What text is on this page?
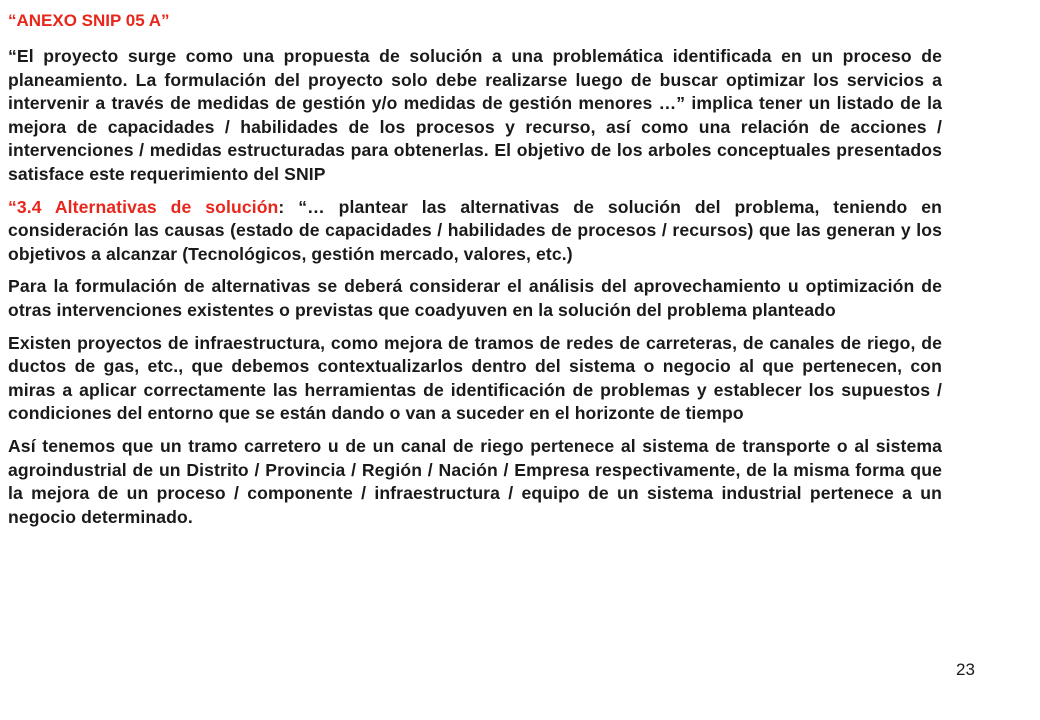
“ANEXO SNIP 05 A”

“El proyecto surge como una propuesta de solución a una problemática identificada en un proceso de planeamiento. La formulación del proyecto solo debe realizarse luego de buscar optimizar los servicios a intervenir a través de medidas de gestión y/o medidas de gestión menores …” implica tener un listado de la mejora de capacidades / habilidades de los procesos y recurso, así como una relación de acciones / intervenciones / medidas estructuradas para obtenerlas. El objetivo de los arboles conceptuales presentados satisface este requerimiento del SNIP

“3.4 Alternativas de solución: “… plantear las alternativas de solución del problema, teniendo en consideración las causas (estado de capacidades / habilidades de procesos / recursos) que las generan y los objetivos a alcanzar (Tecnológicos, gestión mercado, valores, etc.)

Para la formulación de alternativas se deberá considerar el análisis del aprovechamiento u optimización de otras intervenciones existentes o previstas que coadyuven en la solución del problema planteado

Existen proyectos de infraestructura, como mejora de tramos de redes de carreteras, de canales de riego, de ductos de gas, etc., que debemos contextualizarlos dentro del sistema o negocio al que pertenecen, con miras a aplicar correctamente las herramientas de identificación de problemas y establecer los supuestos / condiciones del entorno que se están dando o van a suceder en el horizonte de tiempo

Así tenemos que un tramo carretero u de un canal de riego pertenece al sistema de transporte o al sistema agroindustrial de un Distrito / Provincia / Región / Nación / Empresa respectivamente, de la misma forma que la mejora de un proceso / componente / infraestructura / equipo de un sistema industrial pertenece a un negocio determinado.

23
